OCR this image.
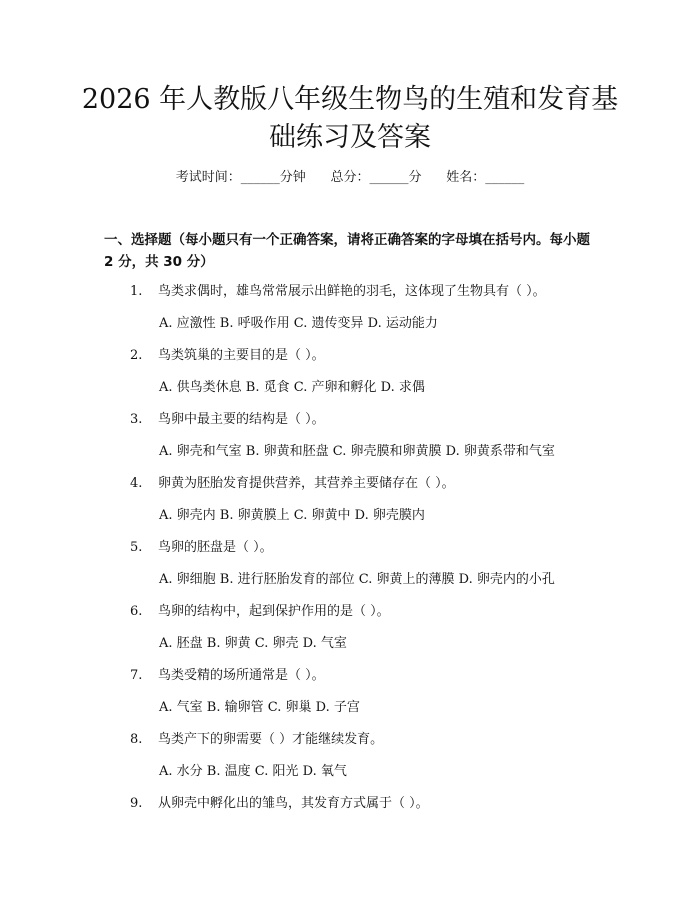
2026 年人教版八年级生物鸟的生殖和发育基
础练习及答案
考试时间：______分钟      总分：______分      姓名：______
一、选择题（每小题只有一个正确答案，请将正确答案的字母填在括号内。每小题 2 分，共 30 分）
1. 鸟类求偶时，雄鸟常常展示出鲜艳的羽毛，这体现了生物具有（ ）。
A. 应激性 B. 呼吸作用 C. 遗传变异 D. 运动能力
2. 鸟类筑巢的主要目的是（ ）。
A. 供鸟类休息 B. 觅食 C. 产卵和孵化 D. 求偶
3. 鸟卵中最主要的结构是（ ）。
A. 卵壳和气室 B. 卵黄和胚盘 C. 卵壳膜和卵黄膜 D. 卵黄系带和气室
4. 卵黄为胚胎发育提供营养，其营养主要储存在（ ）。
A. 卵壳内 B. 卵黄膜上 C. 卵黄中 D. 卵壳膜内
5. 鸟卵的胚盘是（ ）。
A. 卵细胞 B. 进行胚胎发育的部位 C. 卵黄上的薄膜 D. 卵壳内的小孔
6. 鸟卵的结构中，起到保护作用的是（ ）。
A. 胚盘 B. 卵黄 C. 卵壳 D. 气室
7. 鸟类受精的场所通常是（ ）。
A. 气室 B. 输卵管 C. 卵巢 D. 子宫
8. 鸟类产下的卵需要（ ）才能继续发育。
A. 水分 B. 温度 C. 阳光 D. 氧气
9. 从卵壳中孵化出的雏鸟，其发育方式属于（ ）。
